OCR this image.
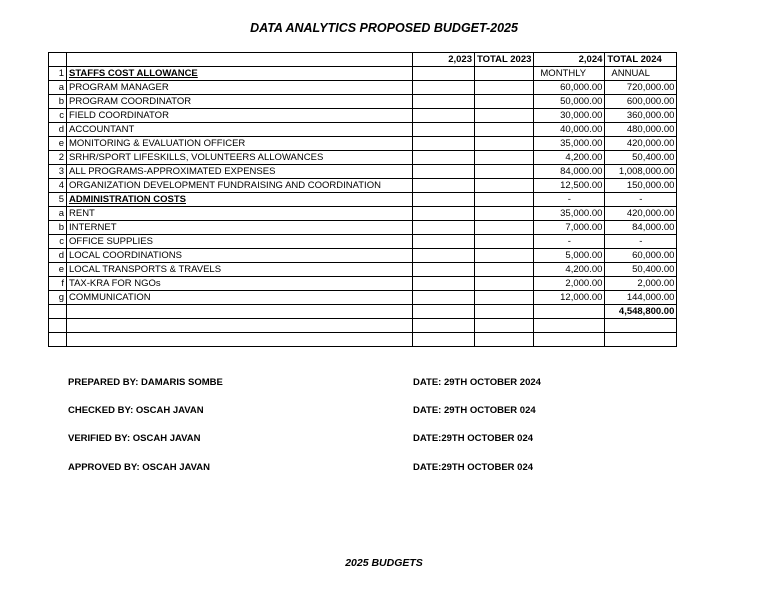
DATA ANALYTICS PROPOSED BUDGET-2025
		2,023	TOTAL 2023	2,024	TOTAL 2024
1	STAFFS COST ALLOWANCE			MONTHLY	ANNUAL
a	PROGRAM MANAGER			60,000.00	720,000.00
b	PROGRAM COORDINATOR			50,000.00	600,000.00
c	FIELD COORDINATOR			30,000.00	360,000.00
d	ACCOUNTANT			40,000.00	480,000.00
e	MONITORING & EVALUATION OFFICER			35,000.00	420,000.00
2	SRHR/SPORT LIFESKILLS, VOLUNTEERS ALLOWANCES			4,200.00	50,400.00
3	ALL PROGRAMS-APPROXIMATED EXPENSES			84,000.00	1,008,000.00
4	ORGANIZATION DEVELOPMENT FUNDRAISING AND COORDINATION			12,500.00	150,000.00
5	ADMINISTRATION COSTS			-	-
a	RENT			35,000.00	420,000.00
b	INTERNET			7,000.00	84,000.00
c	OFFICE SUPPLIES			-	-
d	LOCAL COORDINATIONS			5,000.00	60,000.00
e	LOCAL TRANSPORTS & TRAVELS			4,200.00	50,400.00
f	TAX-KRA FOR NGOs			2,000.00	2,000.00
g	COMMUNICATION			12,000.00	144,000.00
					4,548,800.00

PREPARED BY: DAMARIS SOMBE	DATE: 29TH OCTOBER 2024
CHECKED BY: OSCAH JAVAN	DATE: 29TH OCTOBER 024
VERIFIED BY: OSCAH JAVAN	DATE:29TH OCTOBER 024
APPROVED BY: OSCAH JAVAN	DATE:29TH OCTOBER 024
2025 BUDGETS
